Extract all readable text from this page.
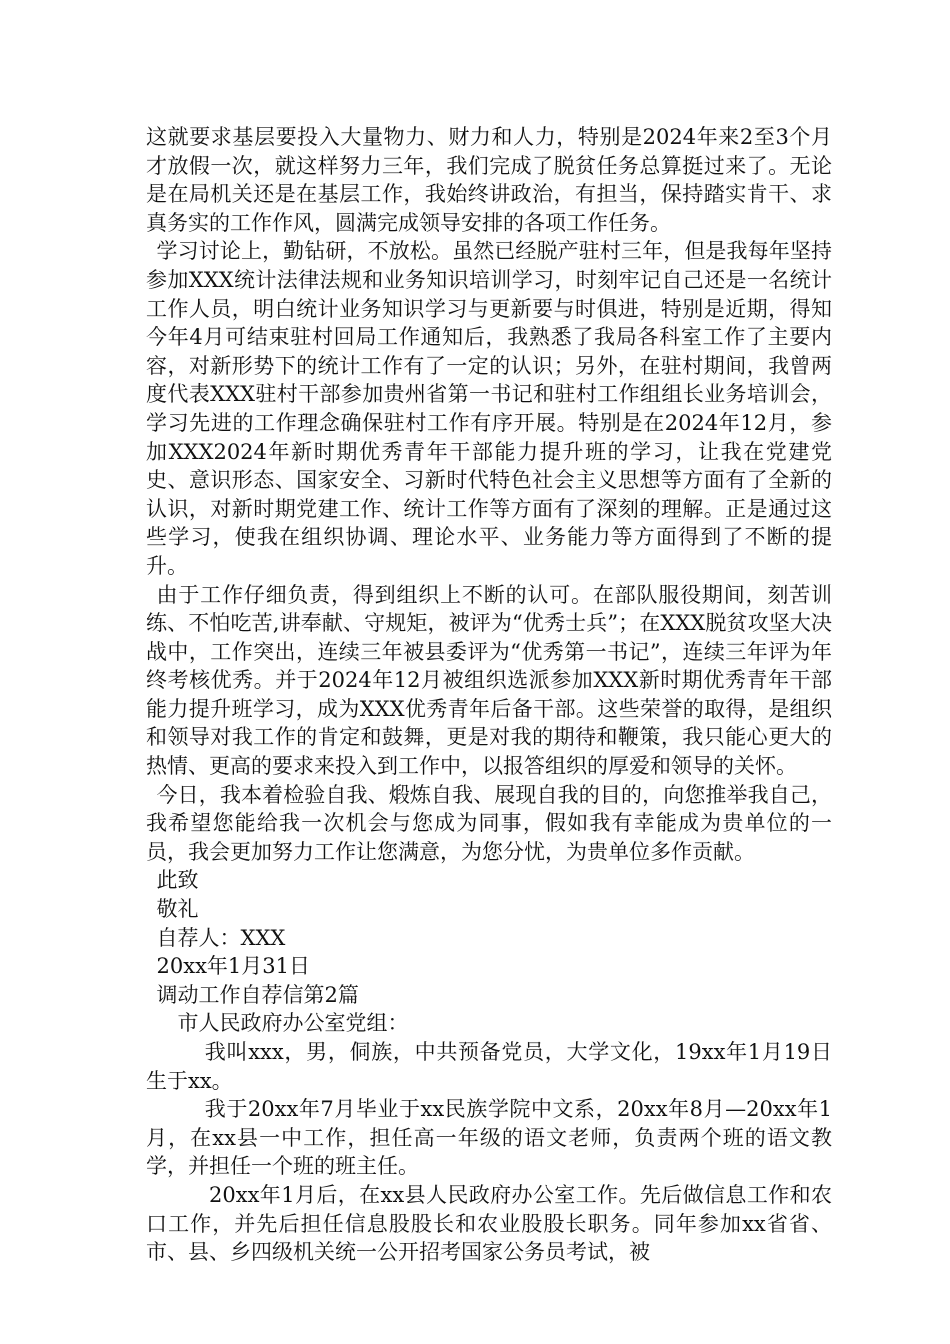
这就要求基层要投入大量物力、财力和人力，特别是2024年来2至3个月才放假一次，就这样努力三年，我们完成了脱贫任务总算挺过来了。无论是在局机关还是在基层工作，我始终讲政治，有担当，保持踏实肯干、求真务实的工作作风，圆满完成领导安排的各项工作任务。

学习讨论上，勤钻研，不放松。虽然已经脱产驻村三年，但是我每年坚持参加XXX统计法律法规和业务知识培训学习，时刻牢记自己还是一名统计工作人员，明白统计业务知识学习与更新要与时俱进，特别是近期，得知今年4月可结束驻村回局工作通知后，我熟悉了我局各科室工作了主要内容，对新形势下的统计工作有了一定的认识；另外，在驻村期间，我曾两度代表XXX驻村干部参加贵州省第一书记和驻村工作组组长业务培训会，学习先进的工作理念确保驻村工作有序开展。特别是在2024年12月，参加XXX2024年新时期优秀青年干部能力提升班的学习，让我在党建党史、意识形态、国家安全、习新时代特色社会主义思想等方面有了全新的认识，对新时期党建工作、统计工作等方面有了深刻的理解。正是通过这些学习，使我在组织协调、理论水平、业务能力等方面得到了不断的提升。

由于工作仔细负责，得到组织上不断的认可。在部队服役期间，刻苦训练、不怕吃苦,讲奉献、守规矩，被评为“优秀士兵”；在XXX脱贫攻坚大决战中，工作突出，连续三年被县委评为“优秀第一书记”，连续三年评为年终考核优秀。并于2024年12月被组织选派参加XXX新时期优秀青年干部能力提升班学习，成为XXX优秀青年后备干部。这些荣誉的取得，是组织和领导对我工作的肯定和鼓舞，更是对我的期待和鞭策，我只能心更大的热情、更高的要求来投入到工作中，以报答组织的厚爱和领导的关怀。

今日，我本着检验自我、煅炼自我、展现自我的目的，向您推举我自己，我希望您能给我一次机会与您成为同事，假如我有幸能成为贵单位的一员，我会更加努力工作让您满意，为您分忧，为贵单位多作贡献。

此致

敬礼

自荐人：XXX

20xx年1月31日

调动工作自荐信第2篇

市人民政府办公室党组：

我叫xxx，男，侗族，中共预备党员，大学文化，19xx年1月19日生于xx。

我于20xx年7月毕业于xx民族学院中文系，20xx年8月—20xx年1月，在xx县一中工作，担任高一年级的语文老师，负责两个班的语文教学，并担任一个班的班主任。

20xx年1月后，在xx县人民政府办公室工作。先后做信息工作和农口工作，并先后担任信息股股长和农业股股长职务。同年参加xx省省、市、县、乡四级机关统一公开招考国家公务员考试，被
